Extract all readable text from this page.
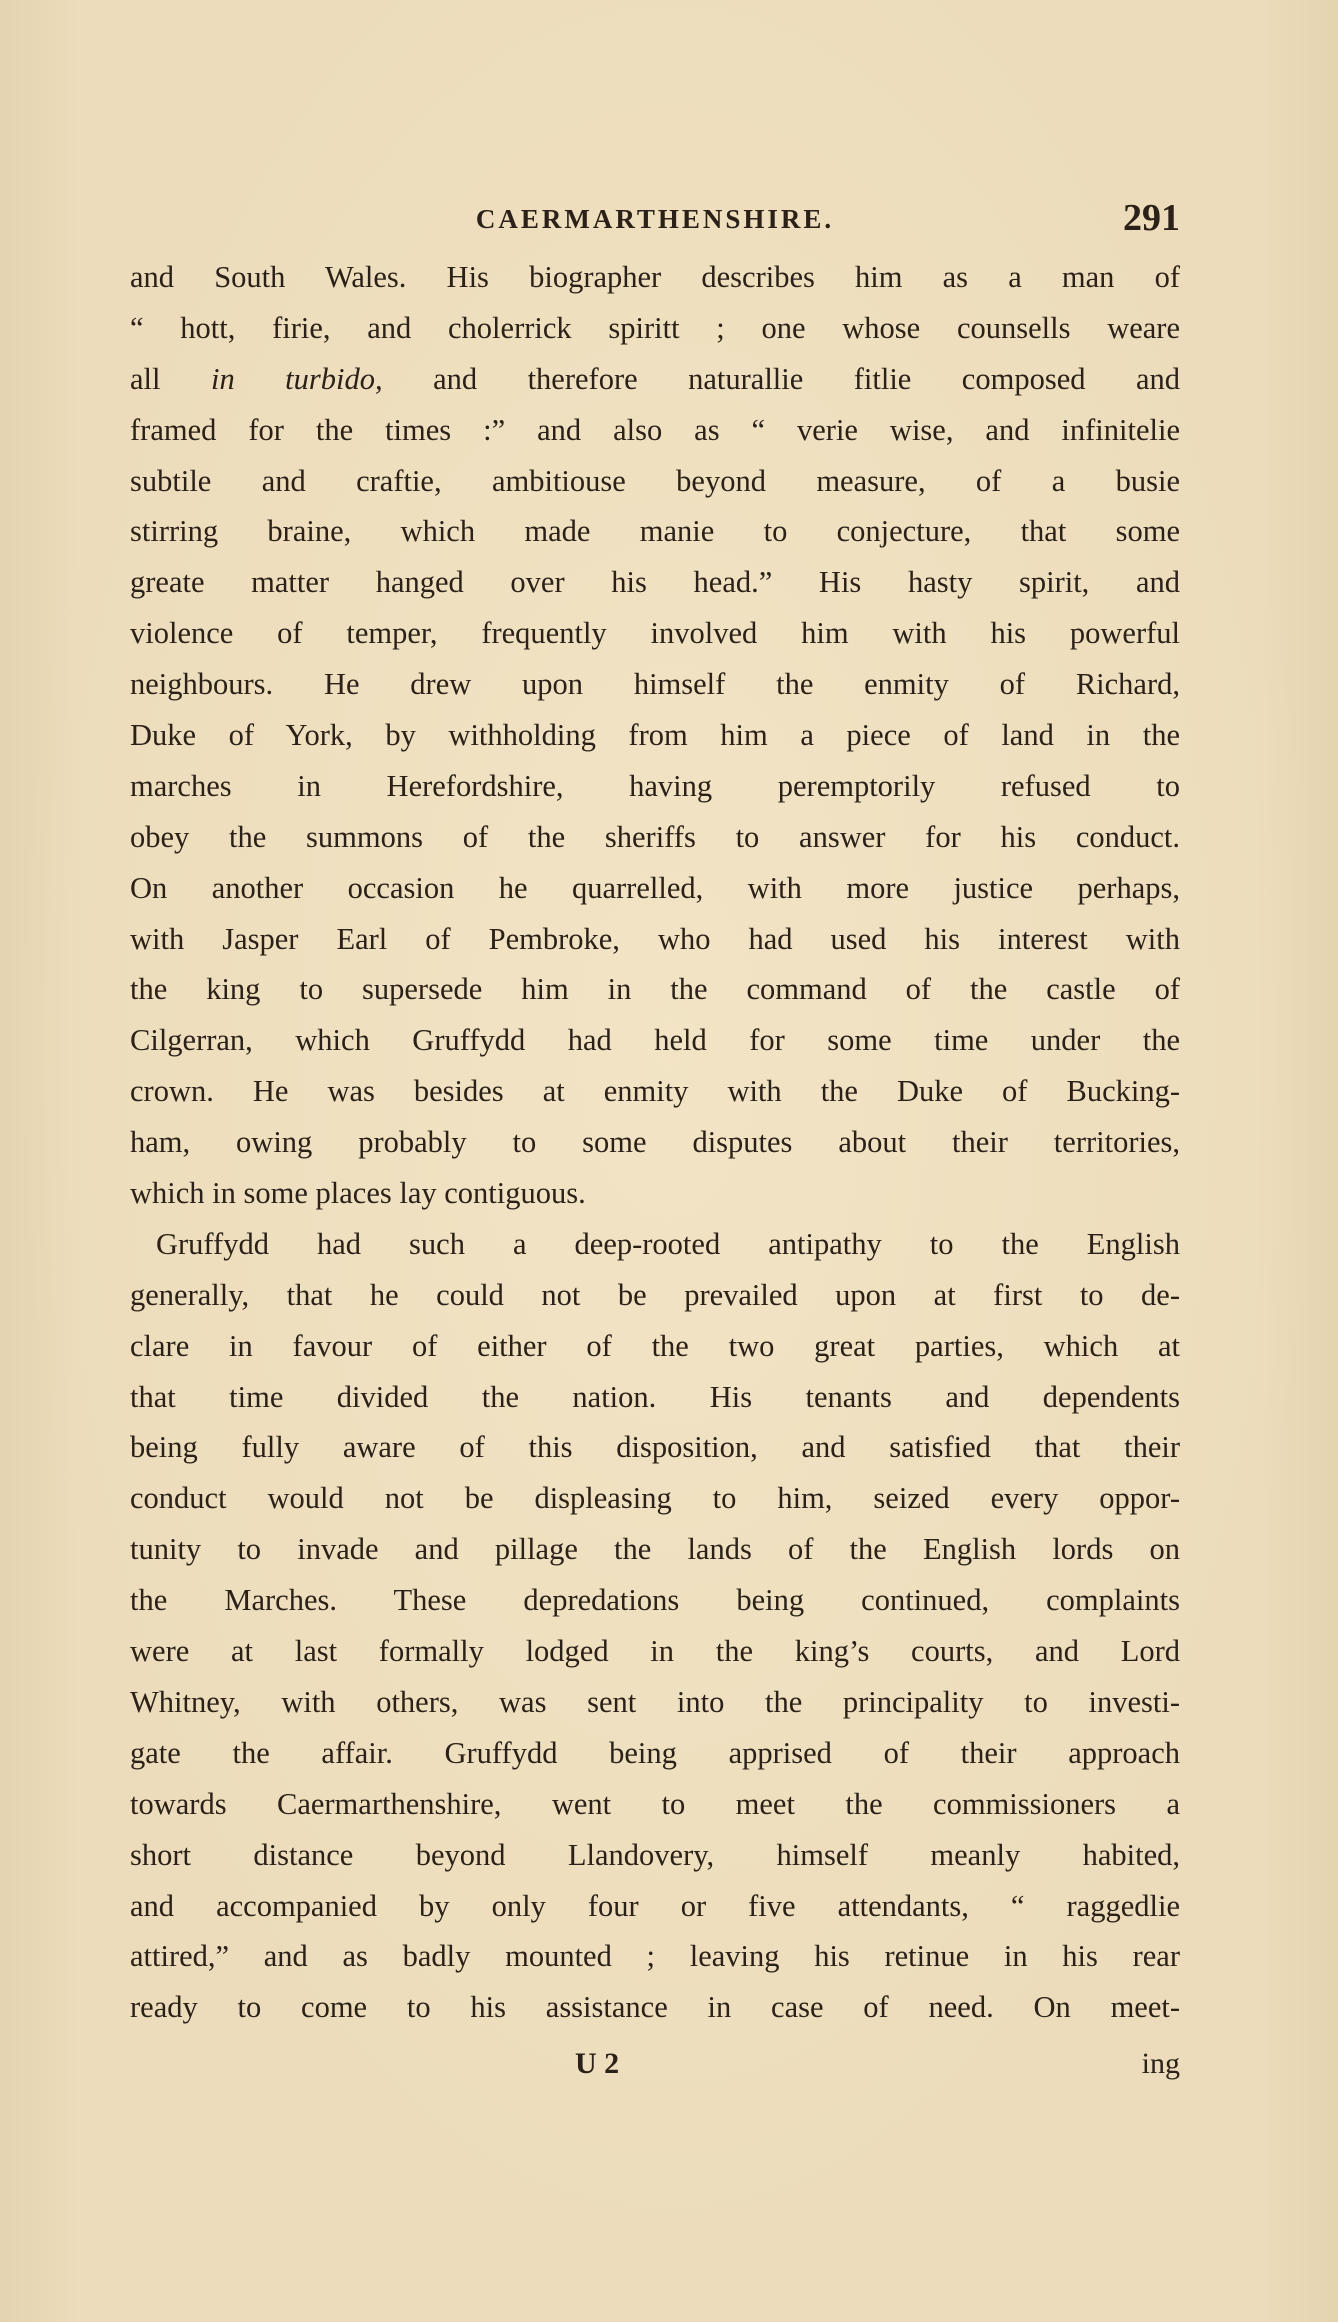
CAERMARTHENSHIRE.	291
and South Wales. His biographer describes him as a man of
“ hott, firie, and cholerrick spiritt ; one whose counsells weare
all in turbido, and therefore naturallie fitlie composed and
framed for the times :” and also as “ verie wise, and infinitelie
subtile and craftie, ambitiouse beyond measure, of a busie
stirring braine, which made manie to conjecture, that some
greate matter hanged over his head.” His hasty spirit, and
violence of temper, frequently involved him with his powerful
neighbours. He drew upon himself the enmity of Richard,
Duke of York, by withholding from him a piece of land in the
marches in Herefordshire, having peremptorily refused to
obey the summons of the sheriffs to answer for his conduct.
On another occasion he quarrelled, with more justice perhaps,
with Jasper Earl of Pembroke, who had used his interest with
the king to supersede him in the command of the castle of
Cilgerran, which Gruffydd had held for some time under the
crown. He was besides at enmity with the Duke of Bucking-
ham, owing probably to some disputes about their territories,
which in some places lay contiguous.
Gruffydd had such a deep-rooted antipathy to the English
generally, that he could not be prevailed upon at first to de-
clare in favour of either of the two great parties, which at
that time divided the nation. His tenants and dependents
being fully aware of this disposition, and satisfied that their
conduct would not be displeasing to him, seized every oppor-
tunity to invade and pillage the lands of the English lords on
the Marches. These depredations being continued, complaints
were at last formally lodged in the king’s courts, and Lord
Whitney, with others, was sent into the principality to investi-
gate the affair. Gruffydd being apprised of their approach
towards Caermarthenshire, went to meet the commissioners a
short distance beyond Llandovery, himself meanly habited,
and accompanied by only four or five attendants, “ raggedlie
attired,” and as badly mounted ; leaving his retinue in his rear
ready to come to his assistance in case of need. On meet-
U 2	ing
